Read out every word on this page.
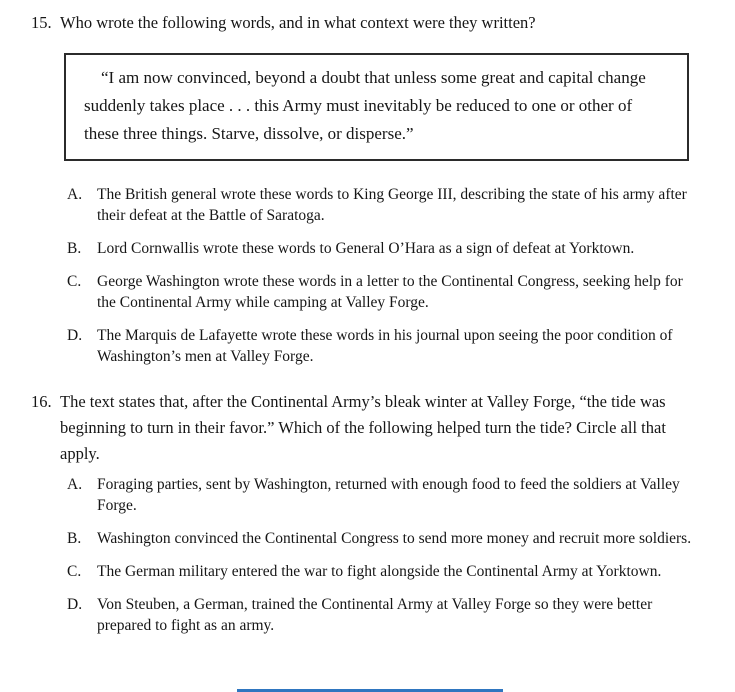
15. Who wrote the following words, and in what context were they written?
“I am now convinced, beyond a doubt that unless some great and capital change suddenly takes place . . . this Army must inevitably be reduced to one or other of these three things. Starve, dissolve, or disperse.”
A. The British general wrote these words to King George III, describing the state of his army after their defeat at the Battle of Saratoga.
B.	Lord Cornwallis wrote these words to General O’Hara as a sign of defeat at Yorktown.
C.	George Washington wrote these words in a letter to the Continental Congress, seeking help for the Continental Army while camping at Valley Forge.
D. The Marquis de Lafayette wrote these words in his journal upon seeing the poor condition of Washington’s men at Valley Forge.
16. The text states that, after the Continental Army’s bleak winter at Valley Forge, “the tide was beginning to turn in their favor.” Which of the following helped turn the tide? Circle all that apply.
A. Foraging parties, sent by Washington, returned with enough food to feed the soldiers at Valley Forge.
B.	Washington convinced the Continental Congress to send more money and recruit more soldiers.
C.	The German military entered the war to fight alongside the Continental Army at Yorktown.
D. Von Steuben, a German, trained the Continental Army at Valley Forge so they were better prepared to fight as an army.
